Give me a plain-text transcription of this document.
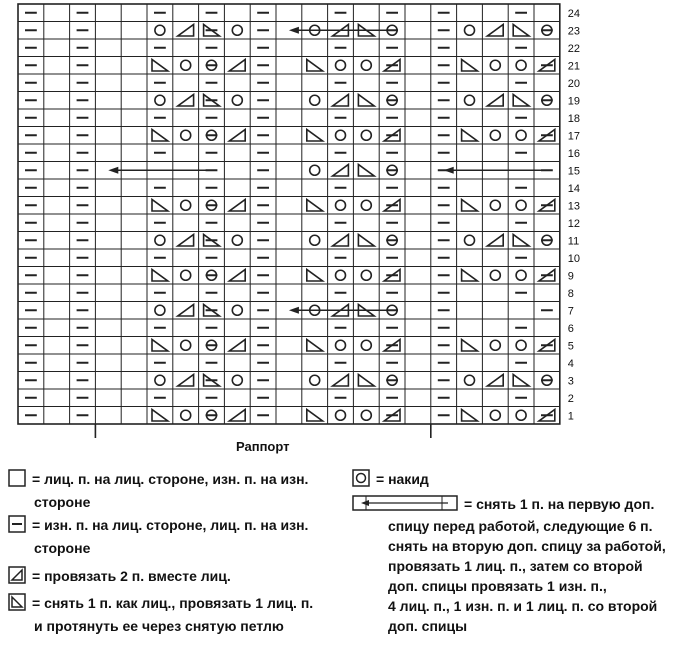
1
2
3
4
5
6
7
8
9
10
11
12
13
14
15
16
17
18
19
20
21
22
23
24
Раппорт
= лиц. п. на лиц. стороне, изн. п. на изн.
стороне
= изн. п. на лиц. стороне, лиц. п. на изн.
стороне
= провязать 2 п. вместе лиц.
= снять 1 п. как лиц., провязать 1 лиц. п.
и протянуть ее через снятую петлю
= накид
= снять 1 п. на первую доп.
спицу перед работой, следующие 6 п.
снять на вторую доп. спицу за работой,
провязать 1 лиц. п., затем со второй
доп. спицы провязать 1 изн. п.,
4 лиц. п., 1 изн. п. и 1 лиц. п. со второй
доп. спицы
